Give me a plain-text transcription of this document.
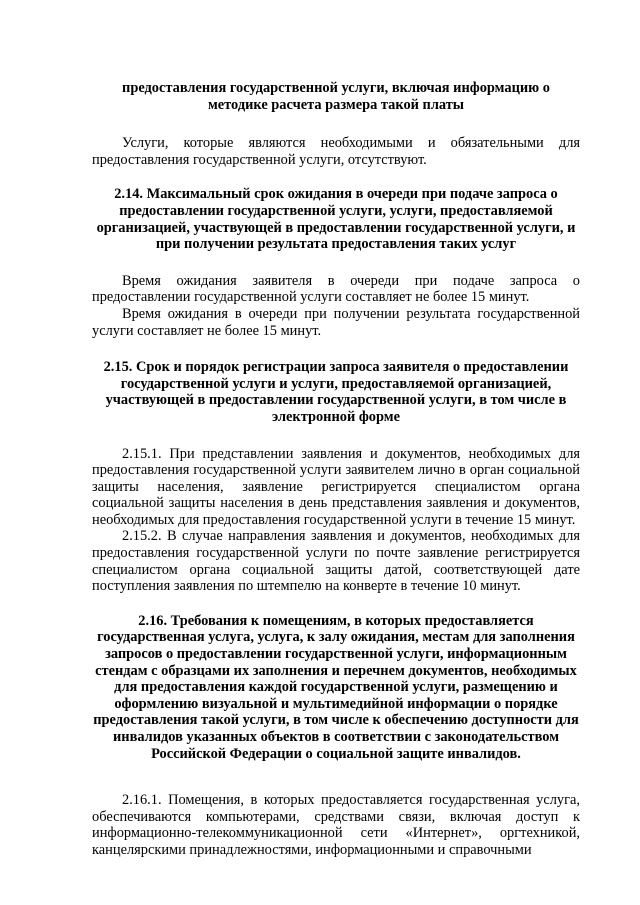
предоставления государственной услуги, включая информацию о методике расчета размера такой платы

Услуги, которые являются необходимыми и обязательными для предоставления государственной услуги, отсутствуют.

2.14. Максимальный срок ожидания в очереди при подаче запроса о предоставлении государственной услуги, услуги, предоставляемой организацией, участвующей в предоставлении государственной услуги, и при получении результата предоставления таких услуг

Время ожидания заявителя в очереди при подаче запроса о предоставлении государственной услуги составляет не более 15 минут.

Время ожидания в очереди при получении результата государственной услуги составляет не более 15 минут.

2.15. Срок и порядок регистрации запроса заявителя о предоставлении государственной услуги и услуги, предоставляемой организацией, участвующей в предоставлении государственной услуги, в том числе в электронной форме

2.15.1. При представлении заявления и документов, необходимых для предоставления государственной услуги заявителем лично в орган социальной защиты населения, заявление регистрируется специалистом органа социальной защиты населения в день представления заявления и документов, необходимых для предоставления государственной услуги в течение 15 минут.

2.15.2. В случае направления заявления и документов, необходимых для предоставления государственной услуги по почте заявление регистрируется специалистом органа социальной защиты датой, соответствующей дате поступления заявления по штемпелю на конверте в течение 10 минут.

2.16. Требования к помещениям, в которых предоставляется государственная услуга, услуга, к залу ожидания, местам для заполнения запросов о предоставлении государственной услуги, информационным стендам с образцами их заполнения и перечнем документов, необходимых для предоставления каждой государственной услуги, размещению и оформлению визуальной и мультимедийной информации о порядке предоставления такой услуги, в том числе к обеспечению доступности для инвалидов указанных объектов в соответствии с законодательством Российской Федерации о социальной защите инвалидов.

2.16.1. Помещения, в которых предоставляется государственная услуга, обеспечиваются компьютерами, средствами связи, включая доступ к информационно-телекоммуникационной сети «Интернет», оргтехникой, канцелярскими принадлежностями, информационными и справочными
